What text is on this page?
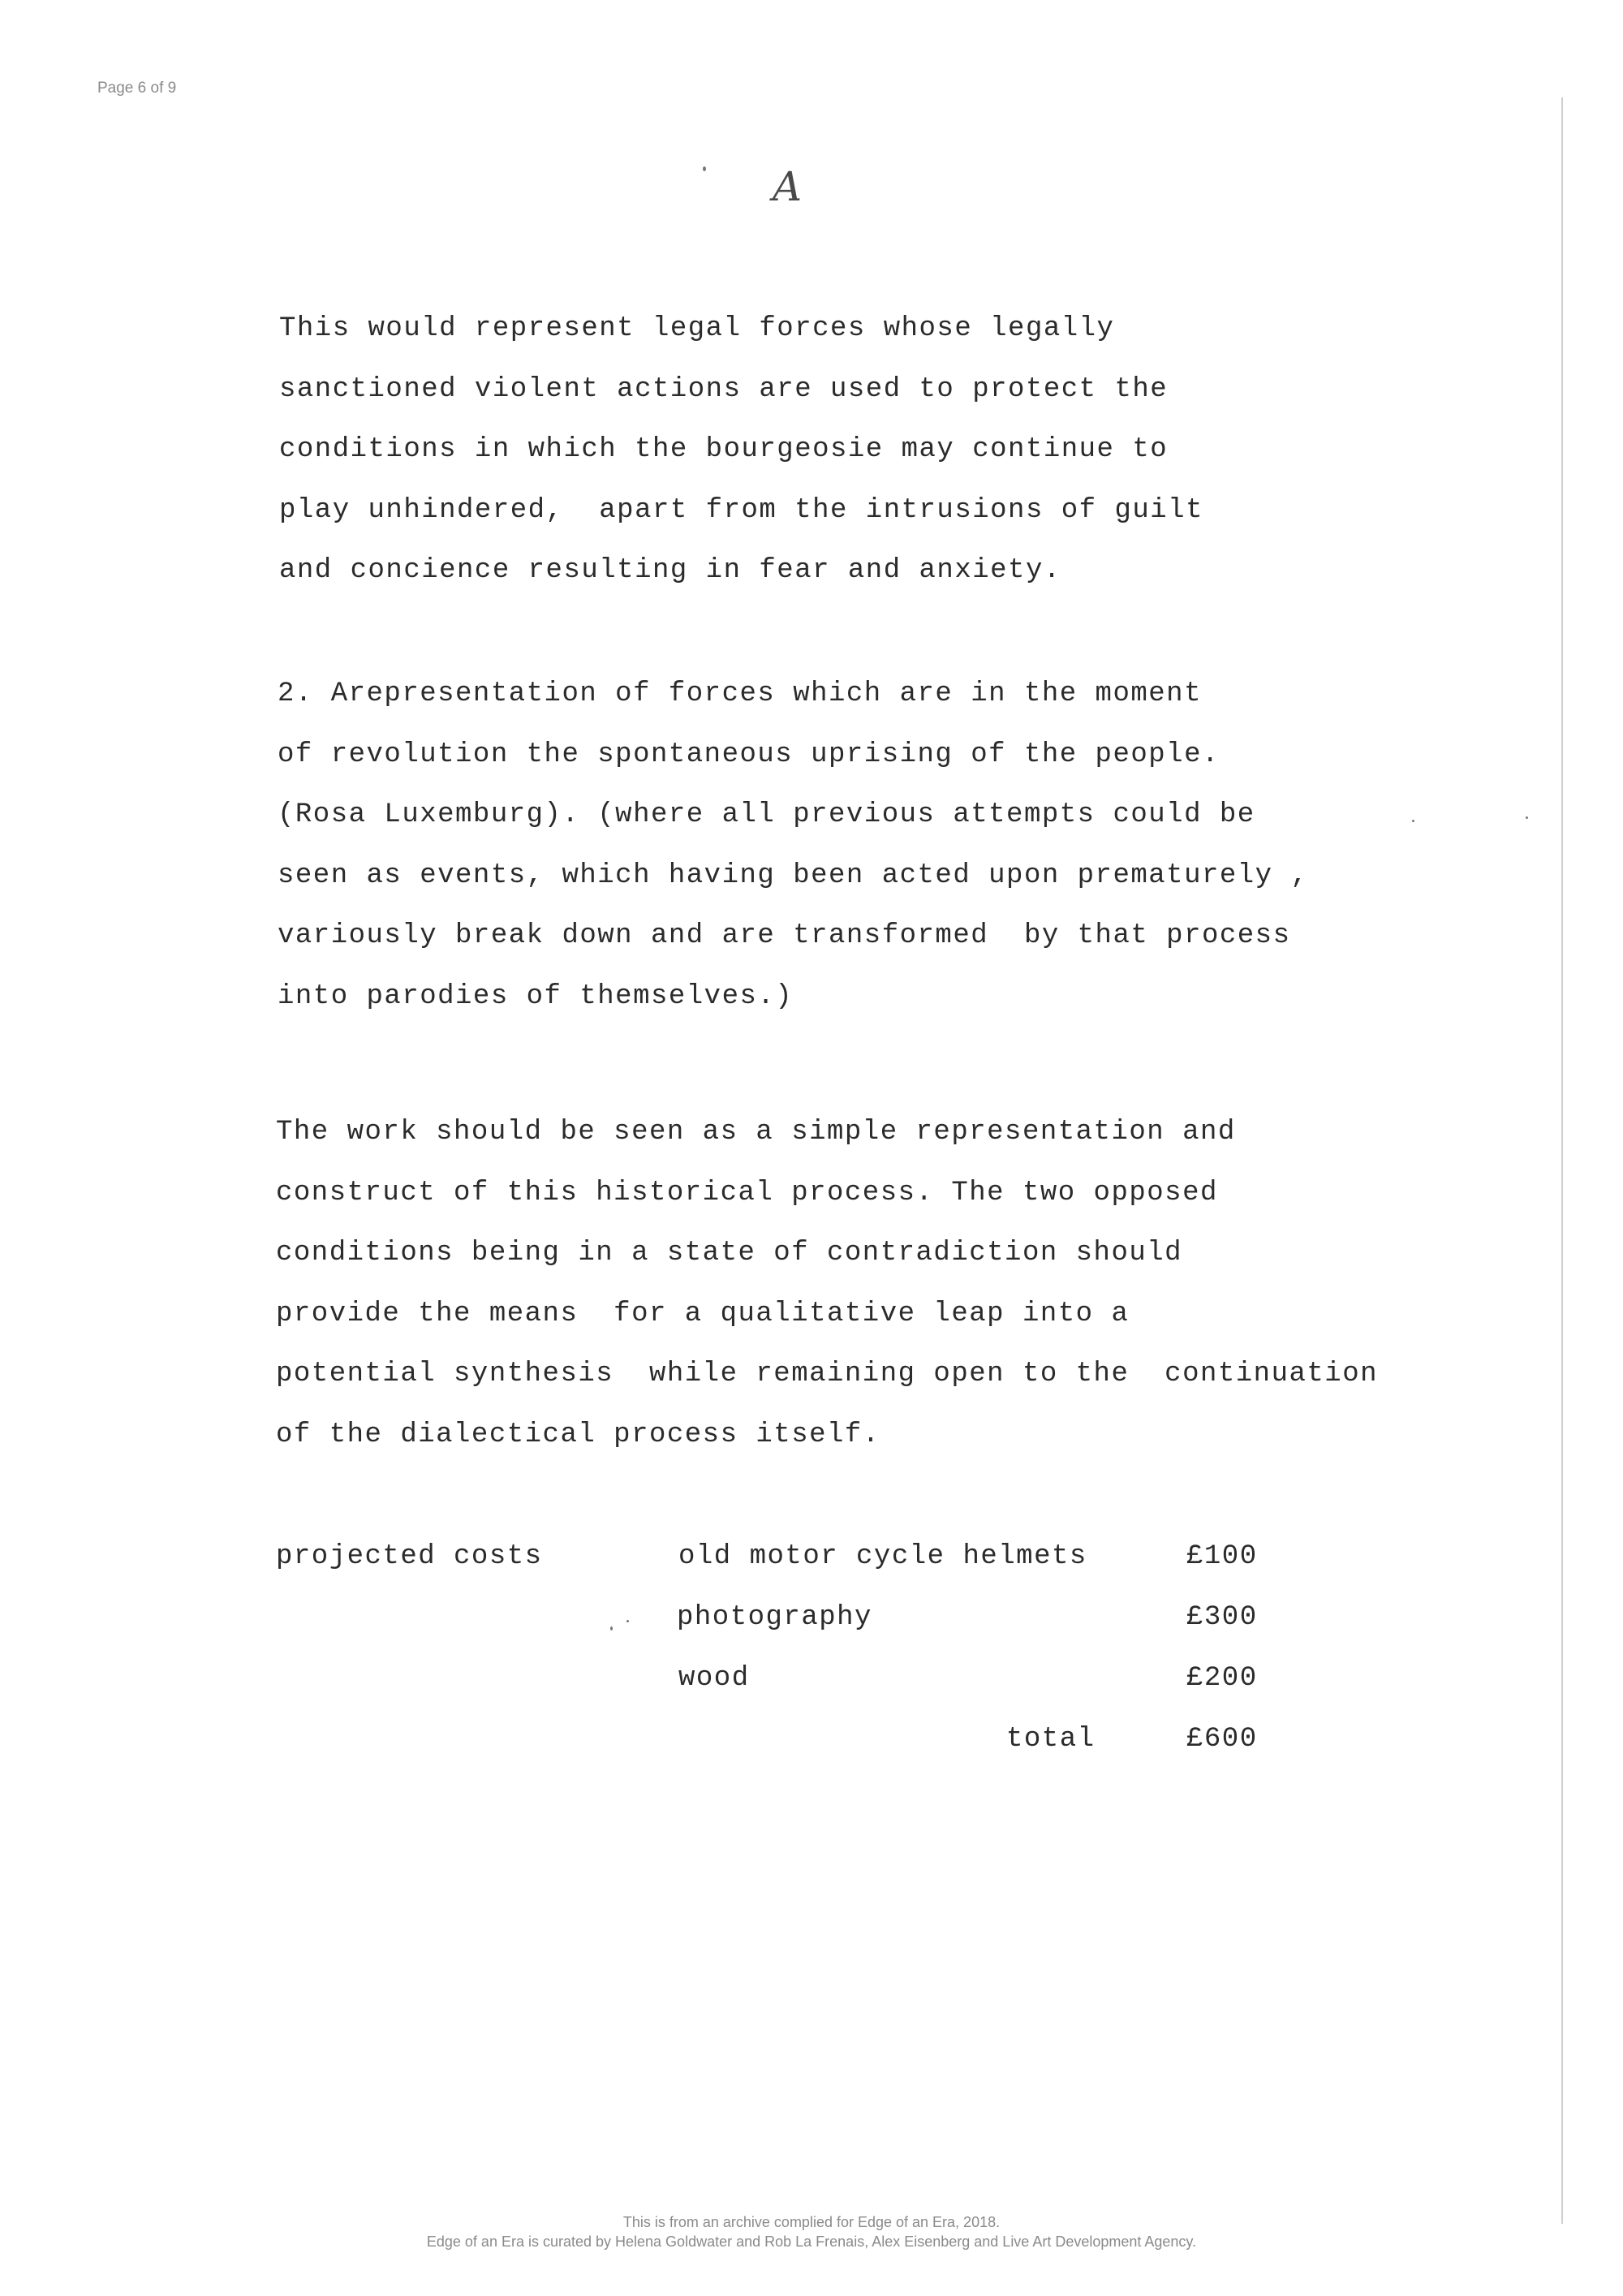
Page 6 of 9
A
This would represent legal forces whose legally
sanctioned violent actions are used to protect the
conditions in which the bourgeosie may continue to
play unhindered,  apart from the intrusions of guilt
and concience resulting in fear and anxiety.
2. Arepresentation of forces which are in the moment
of revolution the spontaneous uprising of the people.
(Rosa Luxemburg). (where all previous attempts could be
seen as events, which having been acted upon prematurely ,
variously break down and are transformed  by that process
into parodies of themselves.)
The work should be seen as a simple representation and
construct of this historical process. The two opposed
conditions being in a state of contradiction should
provide the means  for a qualitative leap into a
potential synthesis  while remaining open to the  continuation
of the dialectical process itself.
projected costs	old motor cycle helmets	£100
photography	£300
wood	£200
total	£600
This is from an archive complied for Edge of an Era, 2018.
Edge of an Era is curated by Helena Goldwater and Rob La Frenais, Alex Eisenberg and Live Art Development Agency.
